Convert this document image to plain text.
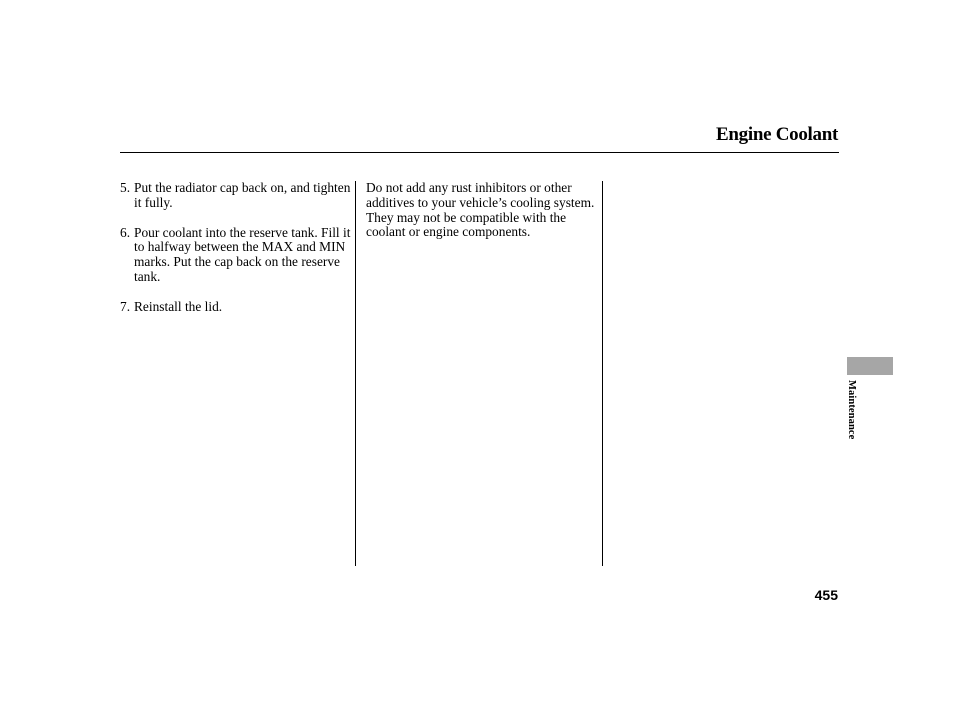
Engine Coolant
5. Put the radiator cap back on, and tighten it fully.
6. Pour coolant into the reserve tank. Fill it to halfway between the MAX and MIN marks. Put the cap back on the reserve tank.
7. Reinstall the lid.

Do not add any rust inhibitors or other additives to your vehicle’s cooling system. They may not be compatible with the coolant or engine components.

Maintenance
455
